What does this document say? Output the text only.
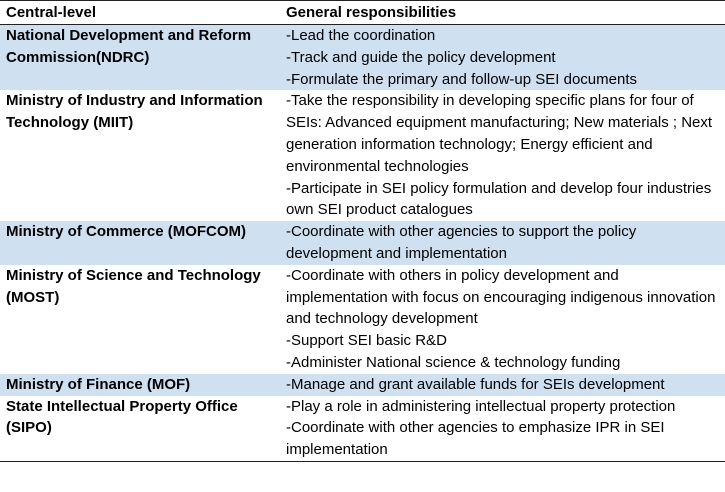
Central-level	General responsibilities
National Development and Reform Commission(NDRC)	-Lead the coordination
-Track and guide the policy development
-Formulate the primary and follow-up SEI documents

Ministry of Industry and Information Technology (MIIT)	-Take the responsibility in developing specific plans for four of SEIs: Advanced equipment manufacturing; New materials ; Next generation information technology; Energy efficient and environmental technologies
-Participate in SEI policy formulation and develop four industries own SEI product catalogues

Ministry of Commerce (MOFCOM)	-Coordinate with other agencies to support the policy development and implementation

Ministry of Science and Technology (MOST)	-Coordinate with others in policy development and implementation with focus on encouraging indigenous innovation and technology development
-Support SEI basic R&D
-Administer National science & technology funding

Ministry of Finance (MOF)	-Manage and grant available funds for SEIs development

State Intellectual Property Office (SIPO)	-Play a role in administering intellectual property protection
-Coordinate with other agencies to emphasize IPR in SEI implementation
